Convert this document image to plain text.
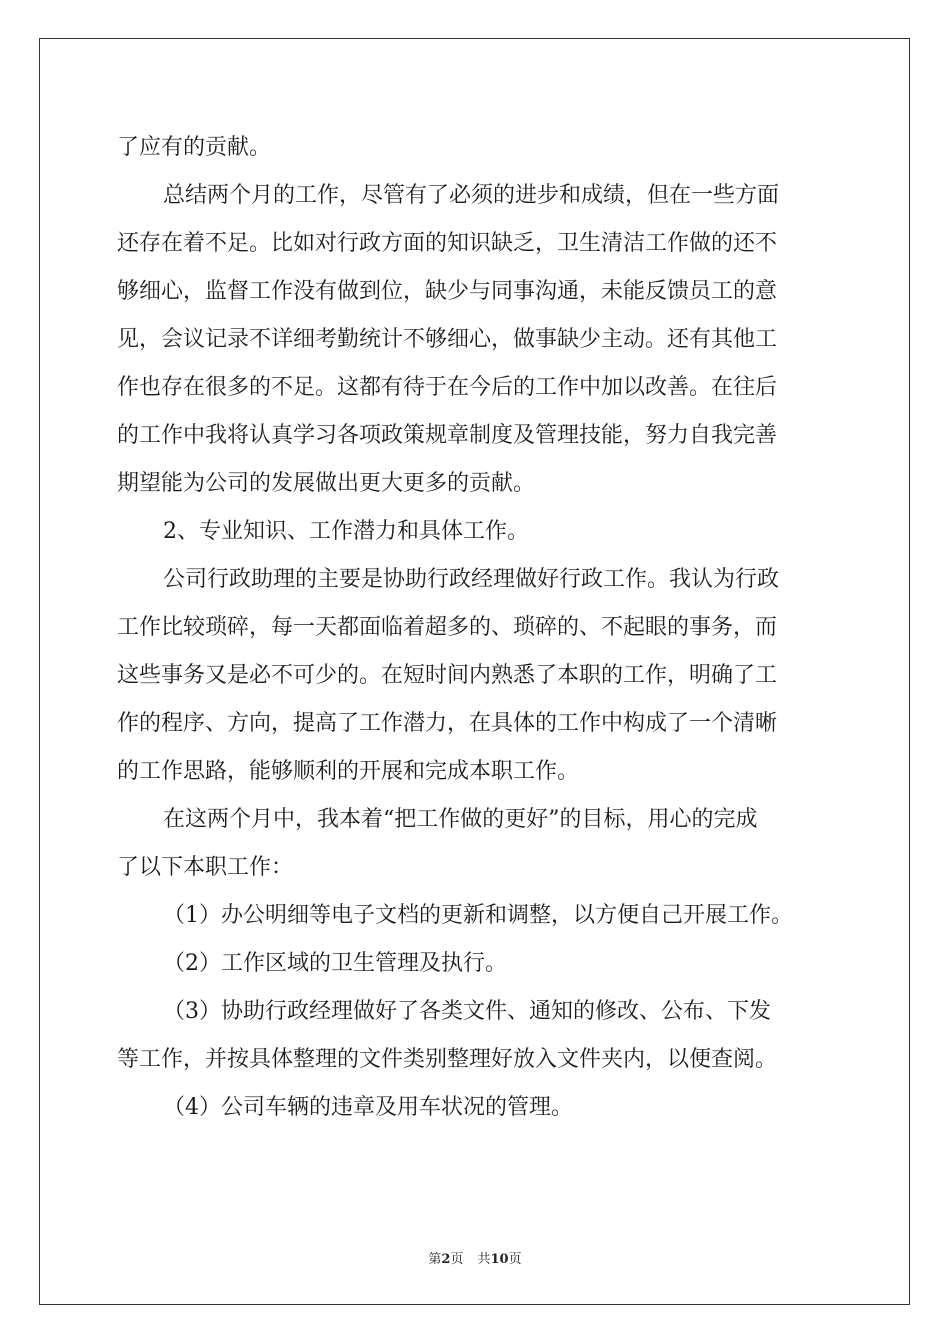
了应有的贡献。
总结两个月的工作，尽管有了必须的进步和成绩，但在一些方面
还存在着不足。比如对行政方面的知识缺乏，卫生清洁工作做的还不
够细心，监督工作没有做到位，缺少与同事沟通，未能反馈员工的意
见，会议记录不详细考勤统计不够细心，做事缺少主动。还有其他工
作也存在很多的不足。这都有待于在今后的工作中加以改善。在往后
的工作中我将认真学习各项政策规章制度及管理技能，努力自我完善
期望能为公司的发展做出更大更多的贡献。
2、专业知识、工作潜力和具体工作。
公司行政助理的主要是协助行政经理做好行政工作。我认为行政
工作比较琐碎，每一天都面临着超多的、琐碎的、不起眼的事务，而
这些事务又是必不可少的。在短时间内熟悉了本职的工作，明确了工
作的程序、方向，提高了工作潜力，在具体的工作中构成了一个清晰
的工作思路，能够顺利的开展和完成本职工作。
在这两个月中，我本着“把工作做的更好”的目标，用心的完成
了以下本职工作：
（1）办公明细等电子文档的更新和调整，以方便自己开展工作。
（2）工作区域的卫生管理及执行。
（3）协助行政经理做好了各类文件、通知的修改、公布、下发
等工作，并按具体整理的文件类别整理好放入文件夹内，以便查阅。
（4）公司车辆的违章及用车状况的管理。
第2页 共10页
